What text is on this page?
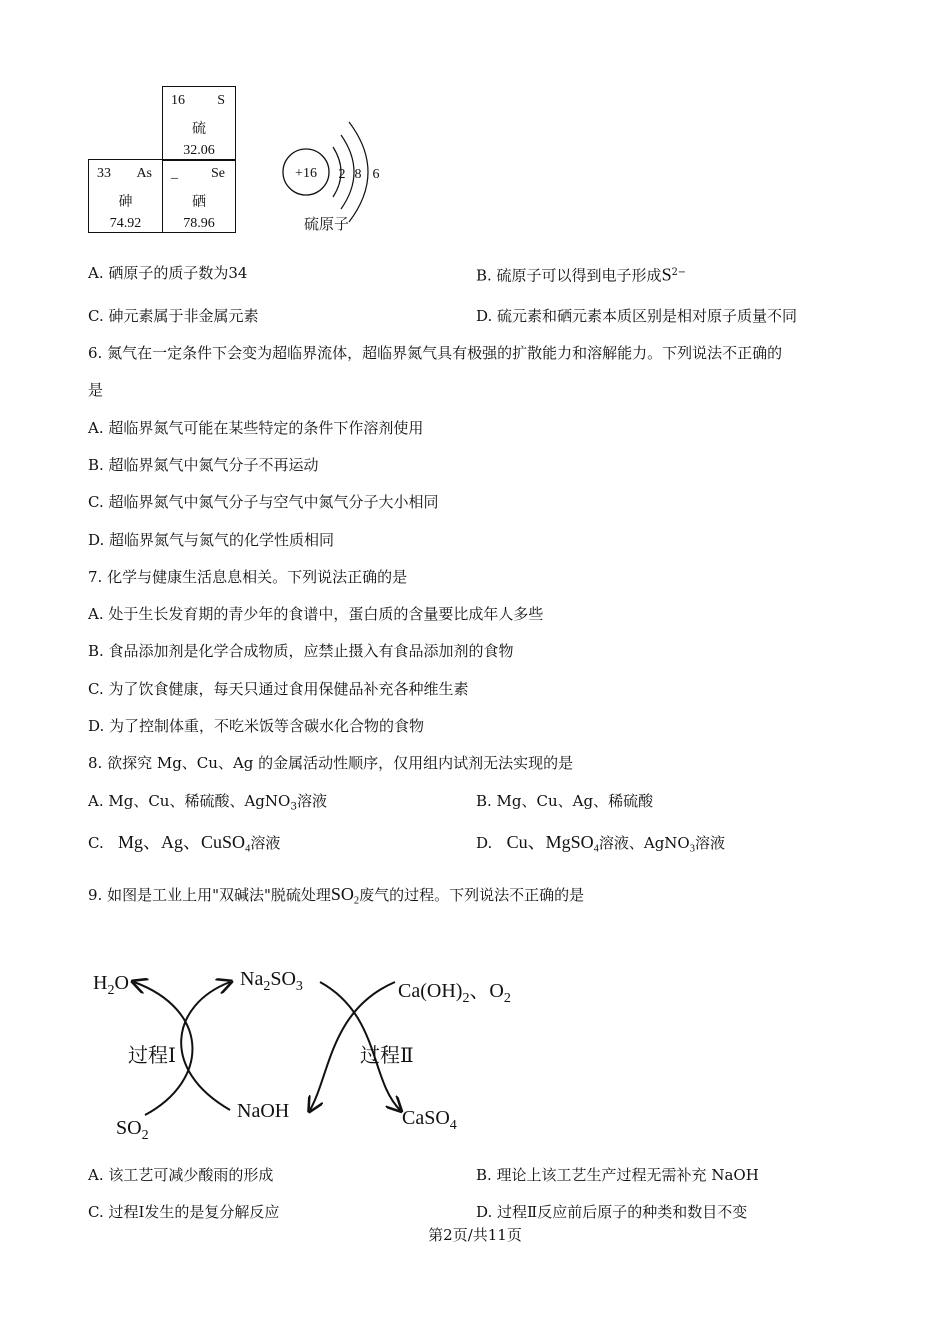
16 S
硫
32.06
33 As
砷
74.92
_ Se
硒
78.96
+16 2 8 6
硫原子
A. 硒原子的质子数为34	B. 硫原子可以得到电子形成$S^{2-}$
C. 砷元素属于非金属元素	D. 硫元素和硒元素本质区别是相对原子质量不同
6. 氮气在一定条件下会变为超临界流体，超临界氮气具有极强的扩散能力和溶解能力。下列说法不正确的
是
A. 超临界氮气可能在某些特定的条件下作溶剂使用
B. 超临界氮气中氮气分子不再运动
C. 超临界氮气中氮气分子与空气中氮气分子大小相同
D. 超临界氮气与氮气的化学性质相同
7. 化学与健康生活息息相关。下列说法正确的是
A. 处于生长发育期的青少年的食谱中，蛋白质的含量要比成年人多些
B. 食品添加剂是化学合成物质，应禁止摄入有食品添加剂的食物
C. 为了饮食健康，每天只通过食用保健品补充各种维生素
D. 为了控制体重，不吃米饭等含碳水化合物的食物
8. 欲探究 Mg、Cu、Ag 的金属活动性顺序，仅用组内试剂无法实现的是
A. Mg、Cu、稀硫酸、AgNO$_3$溶液	B. Mg、Cu、Ag、稀硫酸
C. Mg、Ag、CuSO$_4$溶液	D. Cu、MgSO$_4$溶液、AgNO$_3$溶液
9. 如图是工业上用"双碱法"脱硫处理$SO_2$废气的过程。下列说法不正确的是
$H_2O$	$Na_2SO_3$	$Ca(OH)_2$、$O_2$
过程Ⅰ	过程Ⅱ
$SO_2$
NaOH	CaSO$_4$
A. 该工艺可减少酸雨的形成	B. 理论上该工艺生产过程无需补充 NaOH
C. 过程Ⅰ发生的是复分解反应	D. 过程Ⅱ反应前后原子的种类和数目不变
第2页/共11页
